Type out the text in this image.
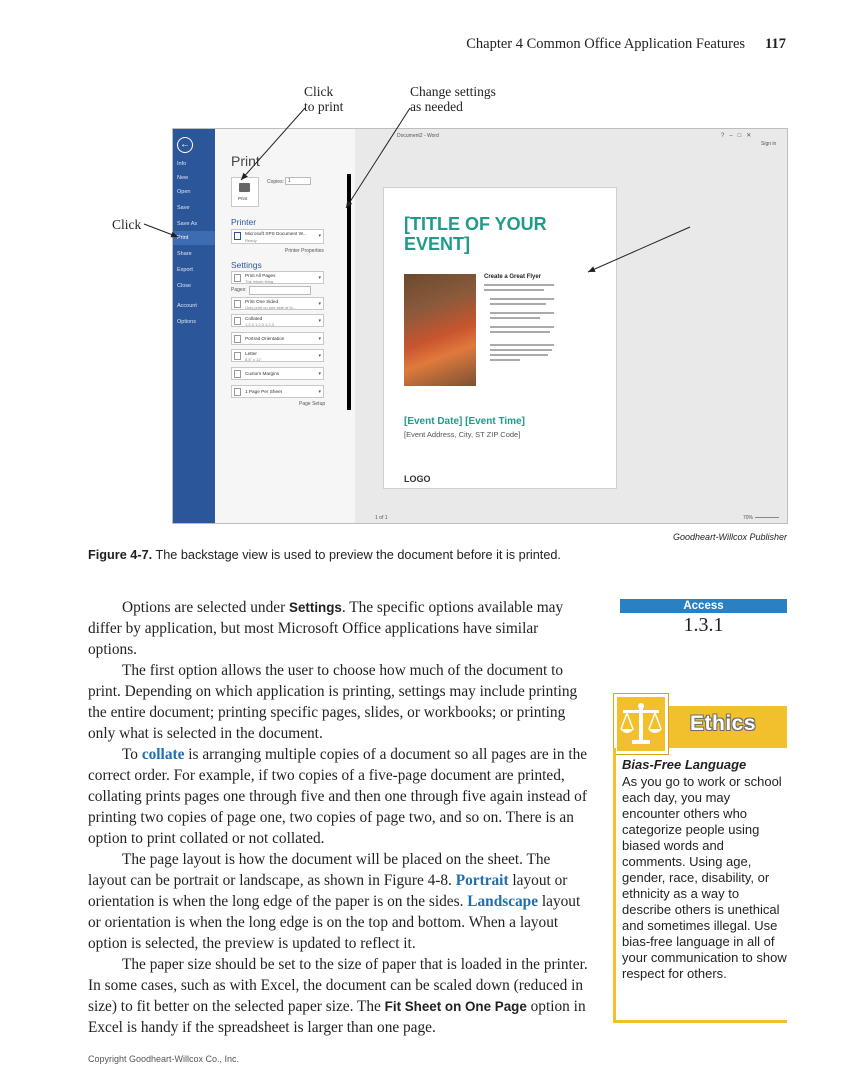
Chapter 4 Common Office Application Features 117
Click
to print
Change settings
as needed
Click
←
Info
New
Open
Save
Save As
Print
Share
Export
Close
Account
Options
Print
Print
Copies: 1
Printer
Microsoft XPS Document W...
Ready
▾
Printer Properties
Settings
Print All Pages
The whole thing	▾
Pages:
Print One Sided
Only print on one side of th...	▾
Collated
1,2,3 1,2,3 1,2,3	▾
Portrait Orientation	▾
Letter
8.5" x 11"	▾
Custom Margins	▾
1 Page Per Sheet	▾
Page Setup
Document2 - Word
Sign in
?   –   □   ✕
1 of 1	70%
[TITLE OF YOUR
EVENT]
Create a Great Flyer
[Event Date] [Event Time]
[Event Address, City, ST ZIP Code]
LOGO
Goodheart-Willcox Publisher
Figure 4-7. The backstage view is used to preview the document before it is printed.

Options are selected under Settings. The specific options available may differ by application, but most Microsoft Office applications have similar options.

The first option allows the user to choose how much of the document to print. Depending on which application is printing, settings may include printing the entire document; printing specific pages, slides, or workbooks; or printing only what is selected in the document.

To collate is arranging multiple copies of a document so all pages are in the correct order. For example, if two copies of a five-page document are printed, collating prints pages one through five and then one through five again instead of printing two copies of page one, two copies of page two, and so on. There is an option to print collated or not collated.

The page layout is how the document will be placed on the sheet. The layout can be portrait or landscape, as shown in Figure 4-8. Portrait layout or orientation is when the long edge of the paper is on the sides. Landscape layout or orientation is when the long edge is on the top and bottom. When a layout option is selected, the preview is updated to reflect it.

The paper size should be set to the size of paper that is loaded in the printer. In some cases, such as with Excel, the document can be scaled down (reduced in size) to fit better on the selected paper size. The Fit Sheet on One Page option in Excel is handy if the spreadsheet is larger than one page.

Access
1.3.1
Ethics
Bias-Free Language
As you go to work or school each day, you may encounter others who categorize people using biased words and comments. Using age, gender, race, disability, or ethnicity as a way to describe others is unethical and sometimes illegal. Use bias-free language in all of your communication to show respect for others.
Copyright Goodheart-Willcox Co., Inc.
